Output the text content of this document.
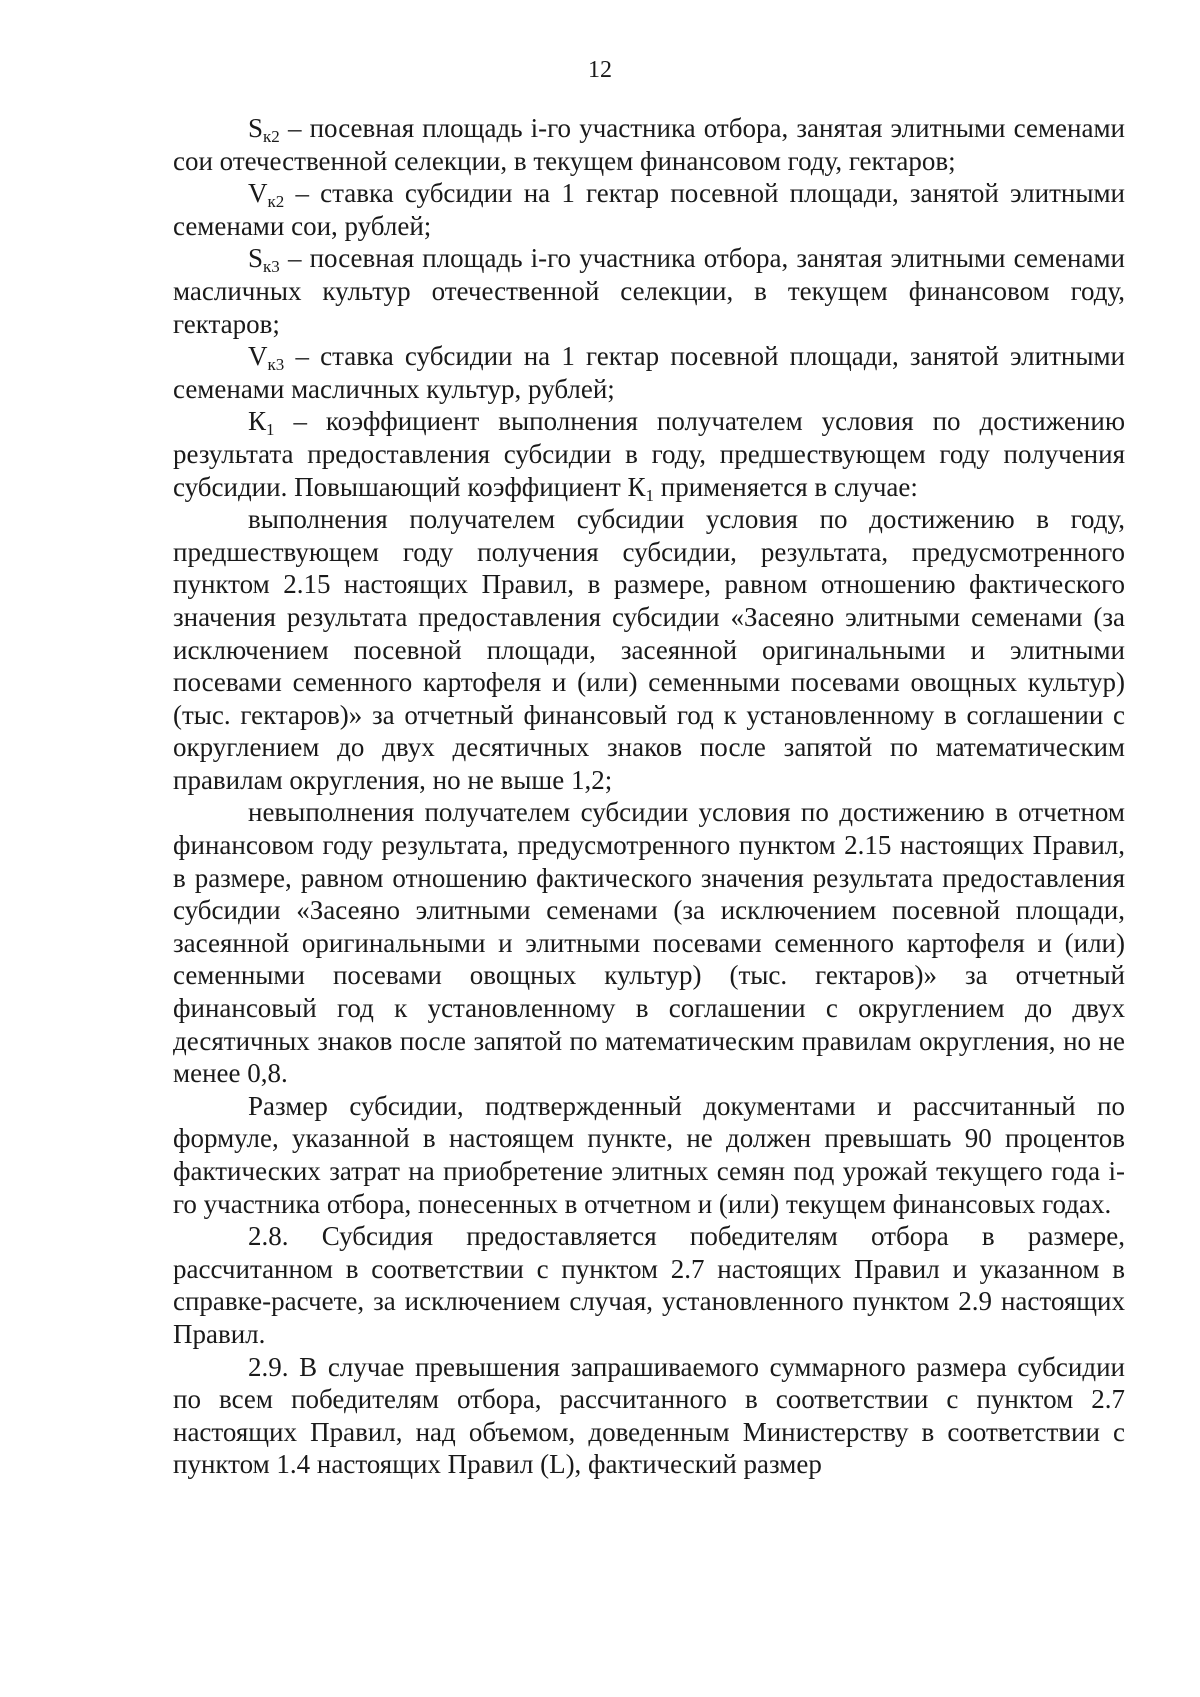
12

$S_{к2}$ – посевная площадь i-го участника отбора, занятая элитными семенами сои отечественной селекции, в текущем финансовом году, гектаров;

$V_{к2}$ – ставка субсидии на 1 гектар посевной площади, занятой элитными семенами сои, рублей;

$S_{к3}$ – посевная площадь i-го участника отбора, занятая элитными семенами масличных культур отечественной селекции, в текущем финансовом году, гектаров;

$V_{к3}$ – ставка субсидии на 1 гектар посевной площади, занятой элитными семенами масличных культур, рублей;

$К_1$ – коэффициент выполнения получателем условия по достижению результата предоставления субсидии в году, предшествующем году получения субсидии. Повышающий коэффициент $К_1$ применяется в случае:

выполнения получателем субсидии условия по достижению в году, предшествующем году получения субсидии, результата, предусмотренного пунктом 2.15 настоящих Правил, в размере, равном отношению фактического значения результата предоставления субсидии «Засеяно элитными семенами (за исключением посевной площади, засеянной оригинальными и элитными посевами семенного картофеля и (или) семенными посевами овощных культур) (тыс. гектаров)» за отчетный финансовый год к установленному в соглашении с округлением до двух десятичных знаков после запятой по математическим правилам округления, но не выше 1,2;

невыполнения получателем субсидии условия по достижению в отчетном финансовом году результата, предусмотренного пунктом 2.15 настоящих Правил, в размере, равном отношению фактического значения результата предоставления субсидии «Засеяно элитными семенами (за исключением посевной площади, засеянной оригинальными и элитными посевами семенного картофеля и (или) семенными посевами овощных культур) (тыс. гектаров)» за отчетный финансовый год к установленному в соглашении с округлением до двух десятичных знаков после запятой по математическим правилам округления, но не менее 0,8.

Размер субсидии, подтвержденный документами и рассчитанный по формуле, указанной в настоящем пункте, не должен превышать 90 процентов фактических затрат на приобретение элитных семян под урожай текущего года i-го участника отбора, понесенных в отчетном и (или) текущем финансовых годах.

2.8. Субсидия предоставляется победителям отбора в размере, рассчитанном в соответствии с пунктом 2.7 настоящих Правил и указанном в справке-расчете, за исключением случая, установленного пунктом 2.9 настоящих Правил.

2.9. В случае превышения запрашиваемого суммарного размера субсидии по всем победителям отбора, рассчитанного в соответствии с пунктом 2.7 настоящих Правил, над объемом, доведенным Министерству в соответствии с пунктом 1.4 настоящих Правил (L), фактический размер
